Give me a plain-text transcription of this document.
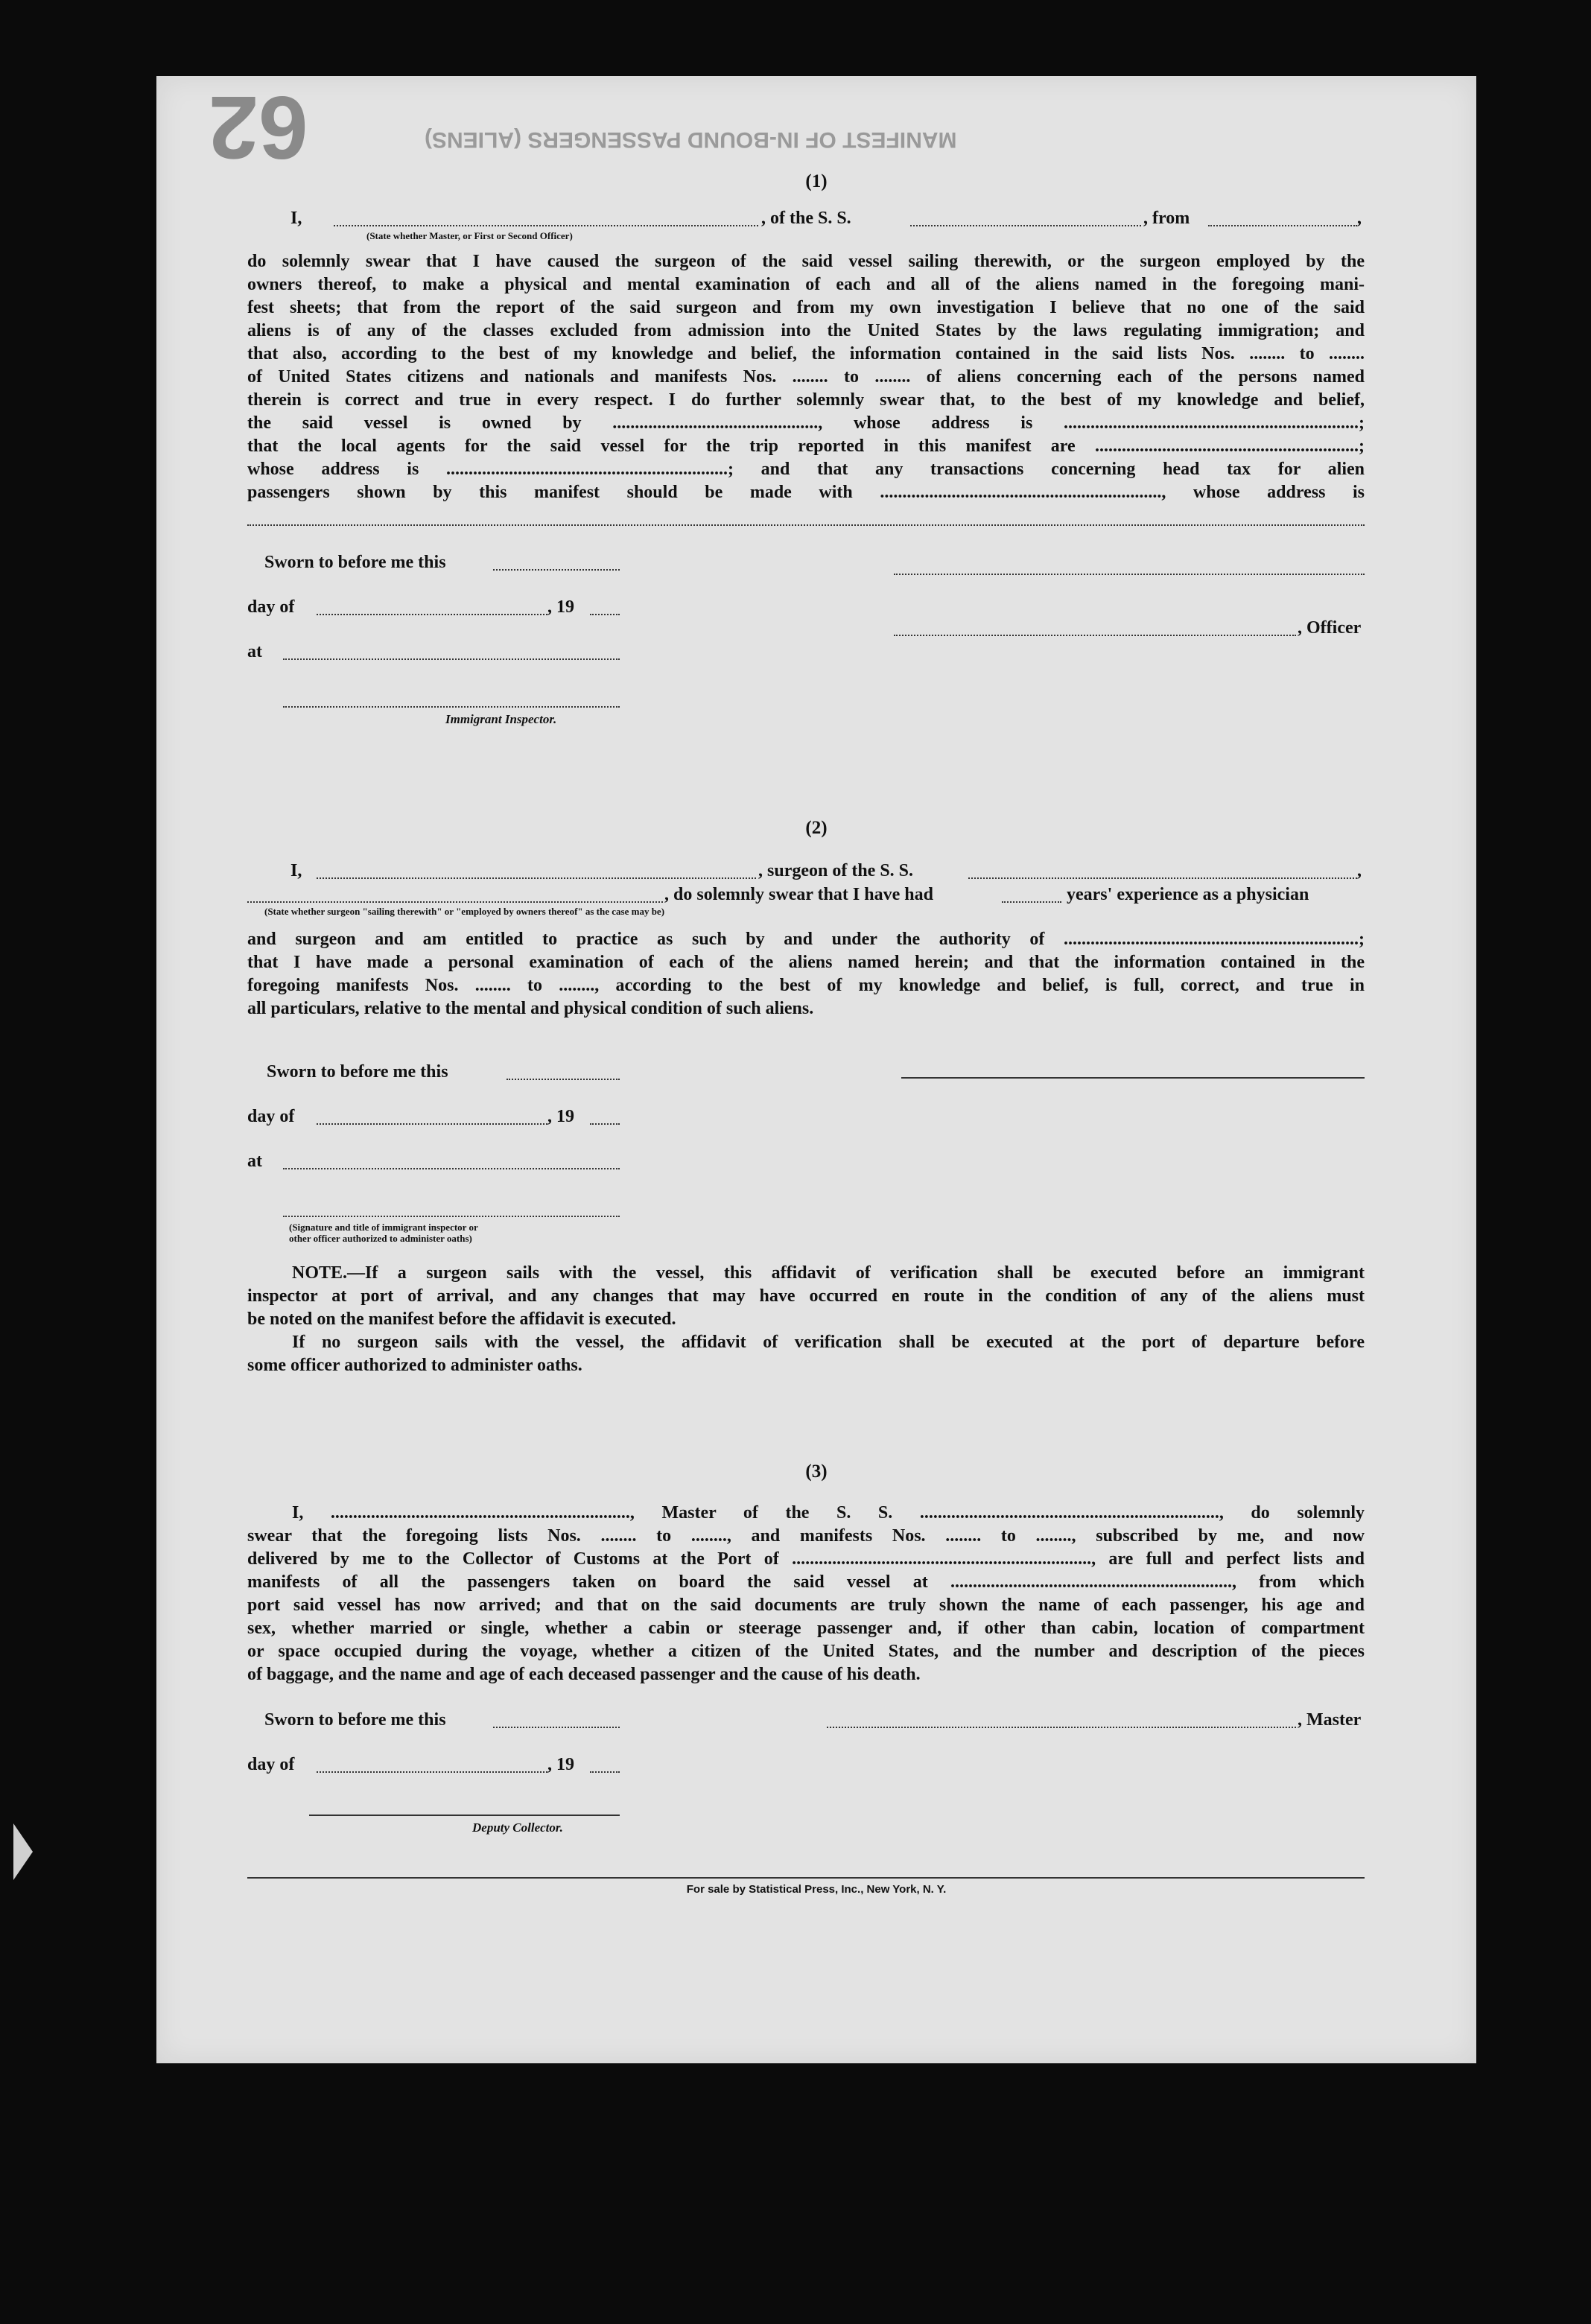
62	MANIFEST OF IN-BOUND PASSENGERS (ALIENS)
(1)
I,
(State whether Master, or First or Second Officer)
, of the S. S.	, from	,
do solemnly swear that I have caused the surgeon of the said vessel sailing therewith, or the surgeon employed by the
owners thereof, to make a physical and mental examination of each and all of the aliens named in the foregoing mani-
fest sheets; that from the report of the said surgeon and from my own investigation I believe that no one of the said
aliens is of any of the classes excluded from admission into the United States by the laws regulating immigration; and
that also, according to the best of my knowledge and belief, the information contained in the said lists Nos. ........ to ........
of United States citizens and nationals and manifests Nos. ........ to ........ of aliens concerning each of the persons named
therein is correct and true in every respect. I do further solemnly swear that, to the best of my knowledge and belief,
the said vessel is owned by .............................................., whose address is ..................................................................;
that the local agents for the said vessel for the trip reported in this manifest are ...........................................................;
whose address is ...............................................................; and that any transactions concerning head tax for alien
passengers shown by this manifest should be made with ..............................................................., whose address is
Sworn to before me this
day of	, 19
at
, Officer
Immigrant Inspector.
(2)
I,	, surgeon of the S. S.	,
, do solemnly swear that I have had	years' experience as a physician
(State whether surgeon "sailing therewith" or "employed by owners thereof" as the case may be)
and surgeon and am entitled to practice as such by and under the authority of ..................................................................;
that I have made a personal examination of each of the aliens named herein; and that the information contained in the
foregoing manifests Nos. ........ to ........, according to the best of my knowledge and belief, is full, correct, and true in
all particulars, relative to the mental and physical condition of such aliens.
Sworn to before me this
day of	, 19
at
(Signature and title of immigrant inspector or
other officer authorized to administer oaths)
NOTE.—If a surgeon sails with the vessel, this affidavit of verification shall be executed before an immigrant
inspector at port of arrival, and any changes that may have occurred en route in the condition of any of the aliens must
be noted on the manifest before the affidavit is executed.
If no surgeon sails with the vessel, the affidavit of verification shall be executed at the port of departure before
some officer authorized to administer oaths.
(3)
I, ..................................................................., Master of the S. S. ..................................................................., do solemnly
swear that the foregoing lists Nos. ........ to ........, and manifests Nos. ........ to ........, subscribed by me, and now
delivered by me to the Collector of Customs at the Port of ..................................................................., are full and perfect lists and
manifests of all the passengers taken on board the said vessel at ..............................................................., from which
port said vessel has now arrived; and that on the said documents are truly shown the name of each passenger, his age and
sex, whether married or single, whether a cabin or steerage passenger and, if other than cabin, location of compartment
or space occupied during the voyage, whether a citizen of the United States, and the number and description of the pieces
of baggage, and the name and age of each deceased passenger and the cause of his death.
Sworn to before me this	, Master
day of	, 19
Deputy Collector.
For sale by Statistical Press, Inc., New York, N. Y.
